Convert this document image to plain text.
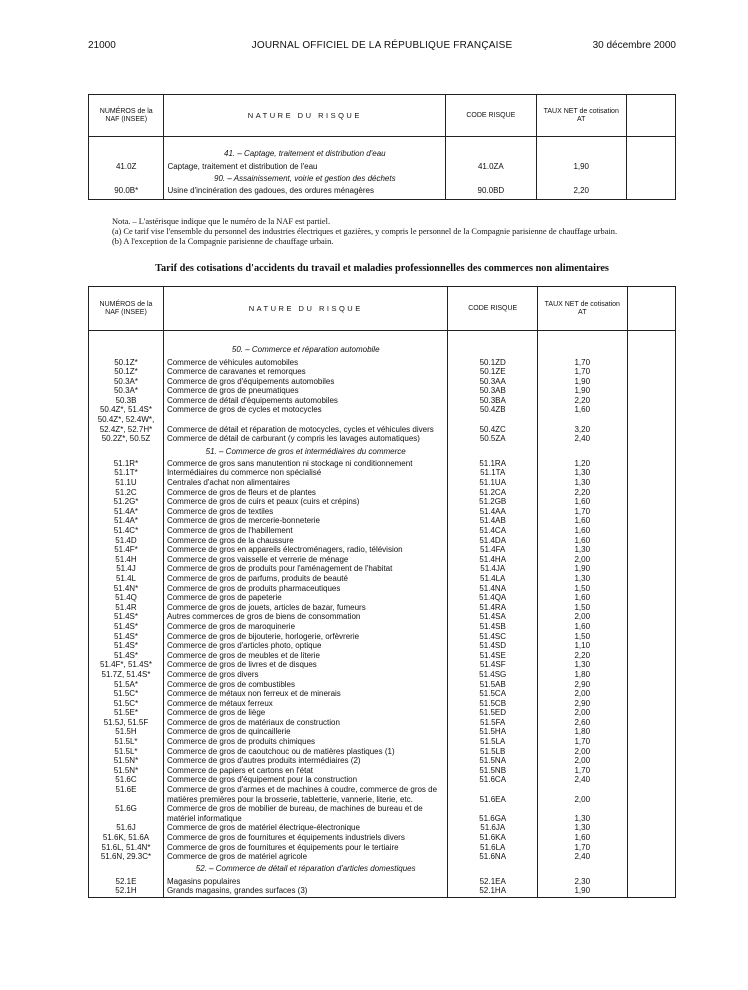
21000	JOURNAL OFFICIEL DE LA RÉPUBLIQUE FRANÇAISE	30 décembre 2000
NUMÉROS de la NAF (INSEE)	NATURE DU RISQUE	CODE RISQUE	TAUX NET de cotisation AT	

	41. – Captage, traitement et distribution d'eau			
41.0Z	Captage, traitement et distribution de l'eau	41.0ZA	1,90	
	90. – Assainissement, voirie et gestion des déchets			
90.0B*	Usine d'incinération des gadoues, des ordures ménagères	90.0BD	2,20	

Nota. – L'astérisque indique que le numéro de la NAF est partiel.
(a) Ce tarif vise l'ensemble du personnel des industries électriques et gazières, y compris le personnel de la Compagnie parisienne de chauffage urbain.
(b) A l'exception de la Compagnie parisienne de chauffage urbain.
Tarif des cotisations d'accidents du travail et maladies professionnelles des commerces non alimentaires
NUMÉROS de la NAF (INSEE)	NATURE DU RISQUE	CODE RISQUE	TAUX NET de cotisation AT	

	50. – Commerce et réparation automobile			
50.1Z*	Commerce de véhicules automobiles	50.1ZD	1,70	
50.1Z*	Commerce de caravanes et remorques	50.1ZE	1,70	
50.3A*	Commerce de gros d'équipements automobiles	50.3AA	1,90	
50.3A*	Commerce de gros de pneumatiques	50.3AB	1,90	
50.3B	Commerce de détail d'équipements automobiles	50.3BA	2,20	
50.4Z*, 51.4S*	Commerce de gros de cycles et motocycles	50.4ZB	1,60	
50.4Z*, 52.4W*,				
52.4Z*, 52.7H*	Commerce de détail et réparation de motocycles, cycles et véhicules divers	50.4ZC	3,20	
50.2Z*, 50.5Z	Commerce de détail de carburant (y compris les lavages automatiques)	50.5ZA	2,40	
	51. – Commerce de gros et intermédiaires du commerce			
51.1R*	Commerce de gros sans manutention ni stockage ni conditionnement	51.1RA	1,20	
51.1T*	Intermédiaires du commerce non spécialisé	51.1TA	1,30	
51.1U	Centrales d'achat non alimentaires	51.1UA	1,30	
51.2C	Commerce de gros de fleurs et de plantes	51.2CA	2,20	
51.2G*	Commerce de gros de cuirs et peaux (cuirs et crépins)	51.2GB	1,60	
51.4A*	Commerce de gros de textiles	51.4AA	1,70	
51.4A*	Commerce de gros de mercerie-bonneterie	51.4AB	1,60	
51.4C*	Commerce de gros de l'habillement	51.4CA	1,60	
51.4D	Commerce de gros de la chaussure	51.4DA	1,60	
51.4F*	Commerce de gros en appareils électroménagers, radio, télévision	51.4FA	1,30	
51.4H	Commerce de gros vaisselle et verrerie de ménage	51.4HA	2,00	
51.4J	Commerce de gros de produits pour l'aménagement de l'habitat	51.4JA	1,90	
51.4L	Commerce de gros de parfums, produits de beauté	51.4LA	1,30	
51.4N*	Commerce de gros de produits pharmaceutiques	51.4NA	1,50	
51.4Q	Commerce de gros de papeterie	51.4QA	1,60	
51.4R	Commerce de gros de jouets, articles de bazar, fumeurs	51.4RA	1,50	
51.4S*	Autres commerces de gros de biens de consommation	51.4SA	2,00	
51.4S*	Commerce de gros de maroquinerie	51.4SB	1,60	
51.4S*	Commerce de gros de bijouterie, horlogerie, orfèvrerie	51.4SC	1,50	
51.4S*	Commerce de gros d'articles photo, optique	51.4SD	1,10	
51.4S*	Commerce de gros de meubles et de literie	51.4SE	2,20	
51.4F*, 51.4S*	Commerce de gros de livres et de disques	51.4SF	1,30	
51.7Z, 51.4S*	Commerce de gros divers	51.4SG	1,80	
51.5A*	Commerce de gros de combustibles	51.5AB	2,90	
51.5C*	Commerce de métaux non ferreux et de minerais	51.5CA	2,00	
51.5C*	Commerce de métaux ferreux	51.5CB	2,90	
51.5E*	Commerce de gros de liège	51.5ED	2,00	
51.5J, 51.5F	Commerce de gros de matériaux de construction	51.5FA	2,60	
51.5H	Commerce de gros de quincaillerie	51.5HA	1,80	
51.5L*	Commerce de gros de produits chimiques	51.5LA	1,70	
51.5L*	Commerce de gros de caoutchouc ou de matières plastiques (1)	51.5LB	2,00	
51.5N*	Commerce de gros d'autres produits intermédiaires (2)	51.5NA	2,00	
51.5N*	Commerce de papiers et cartons en l'état	51.5NB	1,70	
51.6C	Commerce de gros d'équipement pour la construction	51.6CA	2,40	
51.6E	Commerce de gros d'armes et de machines à coudre, commerce de gros de			
	matières premières pour la brosserie, tabletterie, vannerie, literie, etc.	51.6EA	2,00	
51.6G	Commerce de gros de mobilier de bureau, de machines de bureau et de			
	matériel informatique	51.6GA	1,30	
51.6J	Commerce de gros de matériel électrique-électronique	51.6JA	1,30	
51.6K, 51.6A	Commerce de gros de fournitures et équipements industriels divers	51.6KA	1,60	
51.6L, 51.4N*	Commerce de gros de fournitures et équipements pour le tertiaire	51.6LA	1,70	
51.6N, 29.3C*	Commerce de gros de matériel agricole	51.6NA	2,40	
	52. – Commerce de détail et réparation d'articles domestiques			
52.1E	Magasins populaires	52.1EA	2,30	
52.1H	Grands magasins, grandes surfaces (3)	52.1HA	1,90	
